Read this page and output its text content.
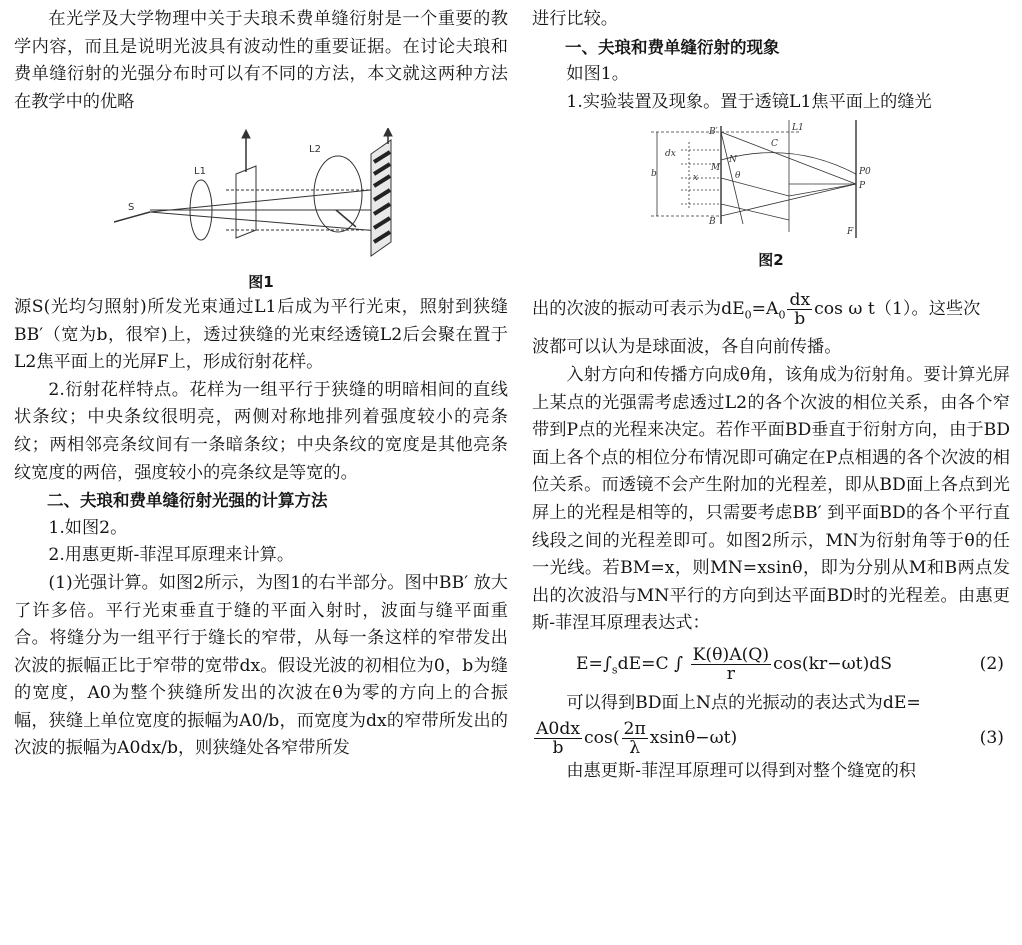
在光学及大学物理中关于夫琅禾费单缝衍射是一个重要的教学内容，而且是说明光波具有波动性的重要证据。在讨论夫琅和费单缝衍射的光强分布时可以有不同的方法，本文就这两种方法在教学中的优略

S
L1
L2
图1

源S(光均匀照射)所发光束通过L1后成为平行光束，照射到狭缝BB′（宽为b，很窄)上，透过狭缝的光束经透镜L2后会聚在置于L2焦平面上的光屏F上，形成衍射花样。

2.衍射花样特点。花样为一组平行于狭缝的明暗相间的直线状条纹；中央条纹很明亮，两侧对称地排列着强度较小的亮条纹；两相邻亮条纹间有一条暗条纹；中央条纹的宽度是其他亮条纹宽度的两倍，强度较小的亮条纹是等宽的。

二、夫琅和费单缝衍射光强的计算方法

1.如图2。

2.用惠更斯-菲涅耳原理来计算。

(1)光强计算。如图2所示，为图1的右半部分。图中BB′ 放大了许多倍。平行光束垂直于缝的平面入射时，波面与缝平面重合。将缝分为一组平行于缝长的窄带，从每一条这样的窄带发出次波的振幅正比于窄带的宽带dx。假设光波的初相位为0，b为缝的宽度，A0为整个狭缝所发出的次波在θ为零的方向上的合振幅，狭缝上单位宽度的振幅为A0/b，而宽度为dx的窄带所发出的次波的振幅为A0dx/b，则狭缝处各窄带所发

进行比较。

一、夫琅和费单缝衍射的现象

如图1。

1.实验装置及现象。置于透镜L1焦平面上的缝光

B′
B
M
N
dx
x
b
L1
P0
P
F
θ
C
图2

出的次波的振动可表示为$dE_0=A_0 \frac{dx}{b}$ cos ω t（1）。这些次

波都可以认为是球面波，各自向前传播。

入射方向和传播方向成θ角，该角成为衍射角。要计算光屏上某点的光强需考虑透过L2的各个次波的相位关系，由各个窄带到P点的光程来决定。若作平面BD垂直于衍射方向，由于BD面上各个点的相位分布情况即可确定在P点相遇的各个次波的相位关系。而透镜不会产生附加的光程差，即从BD面上各点到光屏上的光程是相等的，只需要考虑BB′ 到平面BD的各个平行直线段之间的光程差即可。如图2所示，MN为衍射角等于θ的任一光线。若BM=x，则MN=xsinθ，即为分别从M和B两点发出的次波沿与MN平行的方向到达平面BD时的光程差。由惠更斯-菲涅耳原理表达式：

$E=\int_sdE=C$ ∫ $\frac{K(\theta)A(Q)}{r} \cos(kr-\omega t)dS$	(2)

可以得到BD面上N点的光振动的表达式为dE=

$\frac{A0dx}{b} \cos( \frac{2\pi}{\lambda} xsin\theta-\omega t)$	(3)

由惠更斯-菲涅耳原理可以得到对整个缝宽的积
